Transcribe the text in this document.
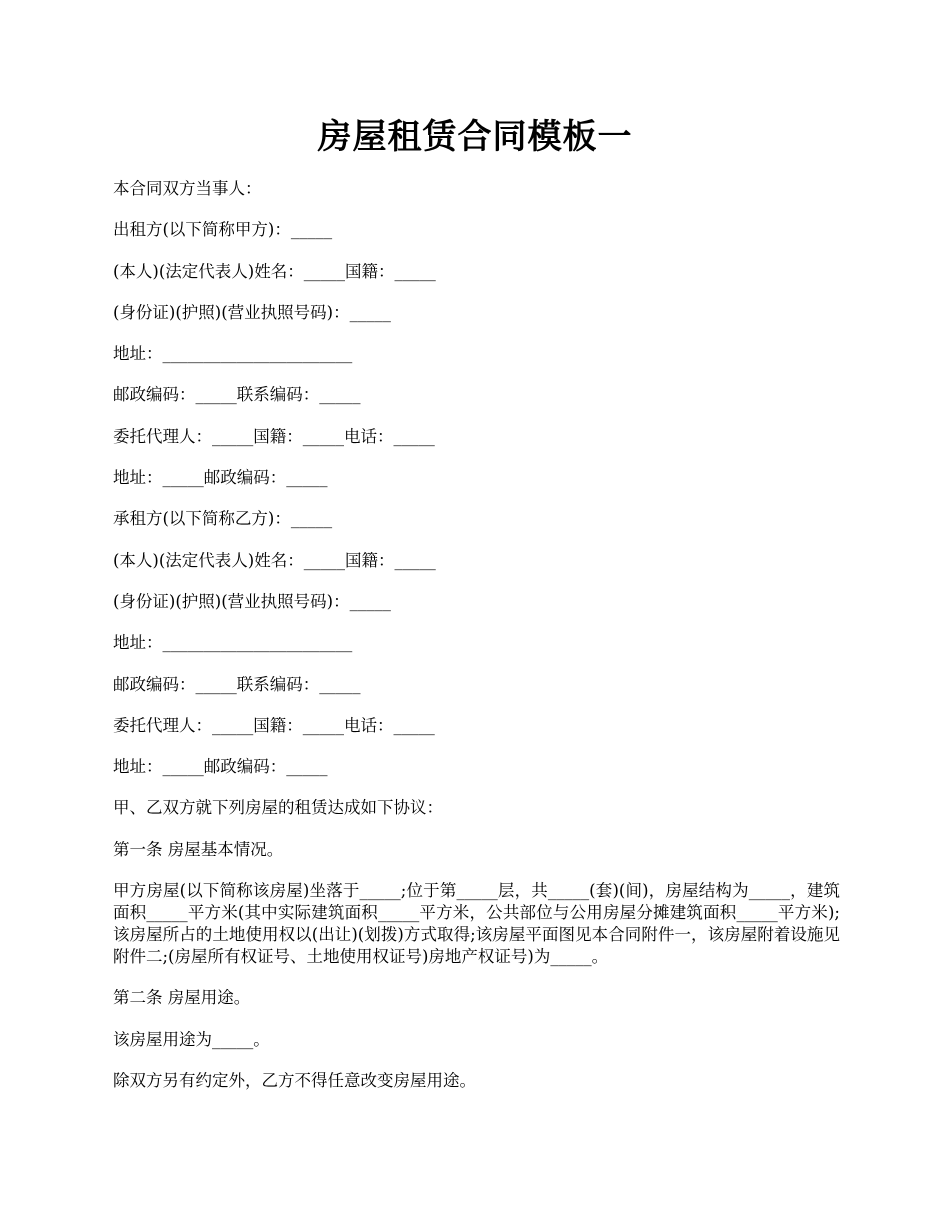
房屋租赁合同模板一

本合同双方当事人：

出租方(以下简称甲方)：_____

(本人)(法定代表人)姓名：_____国籍：_____

(身份证)(护照)(营业执照号码)：_____

地址：_______________________

邮政编码：_____联系编码：_____

委托代理人：_____国籍：_____电话：_____

地址：_____邮政编码：_____

承租方(以下简称乙方)：_____

(本人)(法定代表人)姓名：_____国籍：_____

(身份证)(护照)(营业执照号码)：_____

地址：_______________________

邮政编码：_____联系编码：_____

委托代理人：_____国籍：_____电话：_____

地址：_____邮政编码：_____

甲、乙双方就下列房屋的租赁达成如下协议：

第一条 房屋基本情况。

甲方房屋(以下简称该房屋)坐落于_____;位于第_____层，共_____(套)(间)，房屋结构为_____，建筑面积_____平方米(其中实际建筑面积_____平方米，公共部位与公用房屋分摊建筑面积_____平方米);该房屋所占的土地使用权以(出让)(划拨)方式取得;该房屋平面图见本合同附件一，该房屋附着设施见附件二;(房屋所有权证号、土地使用权证号)房地产权证号)为_____。

第二条 房屋用途。

该房屋用途为_____。

除双方另有约定外，乙方不得任意改变房屋用途。
